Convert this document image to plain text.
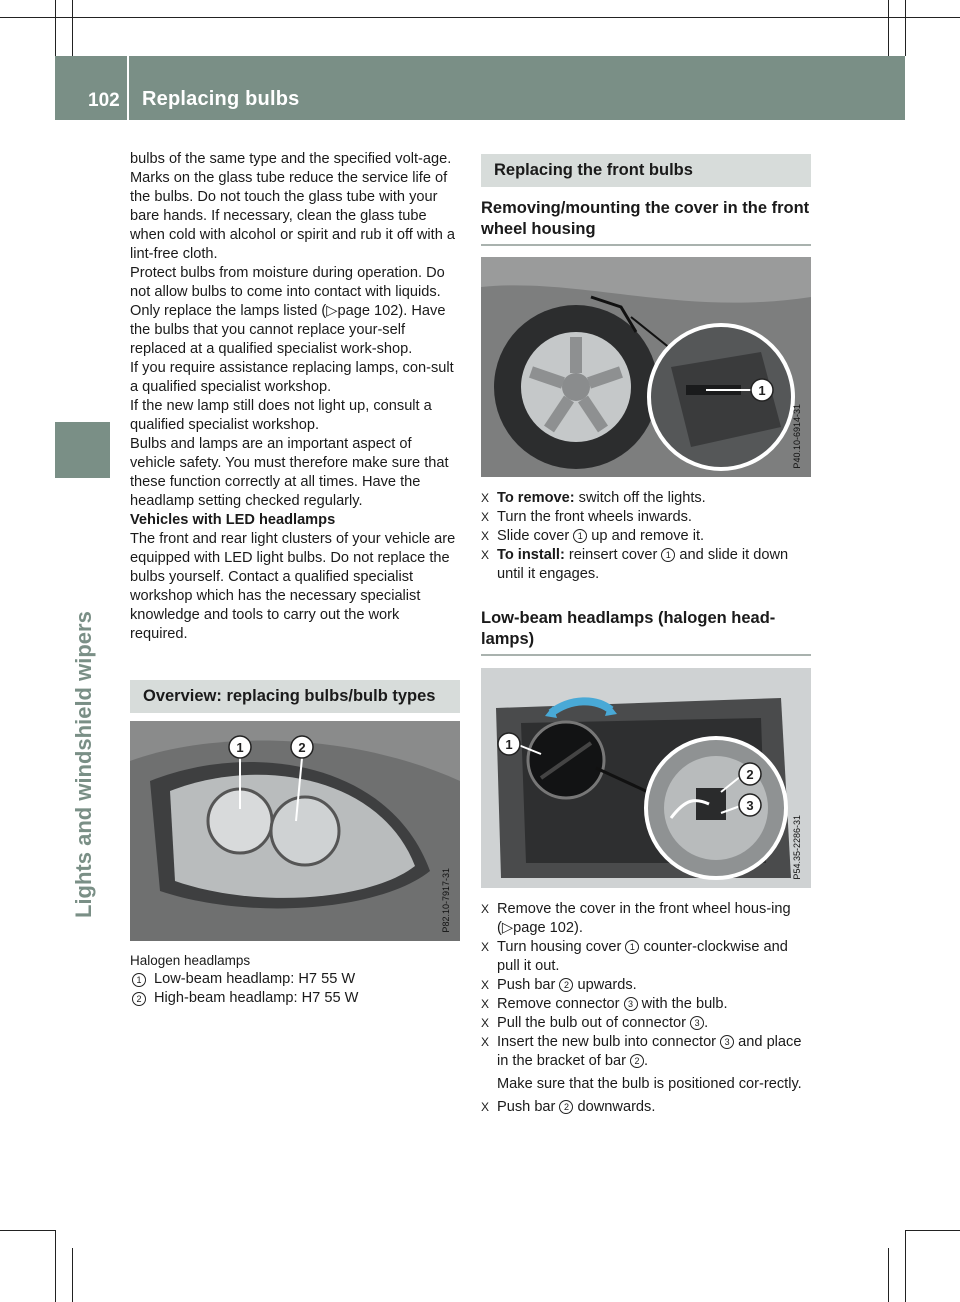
102 Replacing bulbs
Lights and windshield wipers

bulbs of the same type and the specified volt-age.

Marks on the glass tube reduce the service life of the bulbs. Do not touch the glass tube with your bare hands. If necessary, clean the glass tube when cold with alcohol or spirit and rub it off with a lint-free cloth.

Protect bulbs from moisture during operation. Do not allow bulbs to come into contact with liquids.

Only replace the lamps listed (▷page 102). Have the bulbs that you cannot replace your-self replaced at a qualified specialist work-shop.

If you require assistance replacing lamps, con-sult a qualified specialist workshop.

If the new lamp still does not light up, consult a qualified specialist workshop.

Bulbs and lamps are an important aspect of vehicle safety. You must therefore make sure that these function correctly at all times. Have the headlamp setting checked regularly.

Vehicles with LED headlamps

The front and rear light clusters of your vehicle are equipped with LED light bulbs. Do not replace the bulbs yourself. Contact a qualified specialist workshop which has the necessary specialist knowledge and tools to carry out the work required.

Overview: replacing bulbs/bulb types
1	2
P82.10-7917-31

Halogen headlamps

1 Low-beam headlamp: H7 55 W
2 High-beam headlamp: H7 55 W
Replacing the front bulbs
Removing/mounting the cover in the front wheel housing
1
P40.10-6914-31
X To remove: switch off the lights.
X Turn the front wheels inwards.
X Slide cover 1 up and remove it.
X To install: reinsert cover 1 and slide it down until it engages.
Low-beam headlamps (halogen head-lamps)
1
2
3
P54.35-2286-31
X Remove the cover in the front wheel hous-ing (▷page 102).
X Turn housing cover 1 counter-clockwise and pull it out.
X Push bar 2 upwards.
X Remove connector 3 with the bulb.
X Pull the bulb out of connector 3 .
X Insert the new bulb into connector 3 and place in the bracket of bar 2 .

Make sure that the bulb is positioned cor-rectly.

X Push bar 2 downwards.
